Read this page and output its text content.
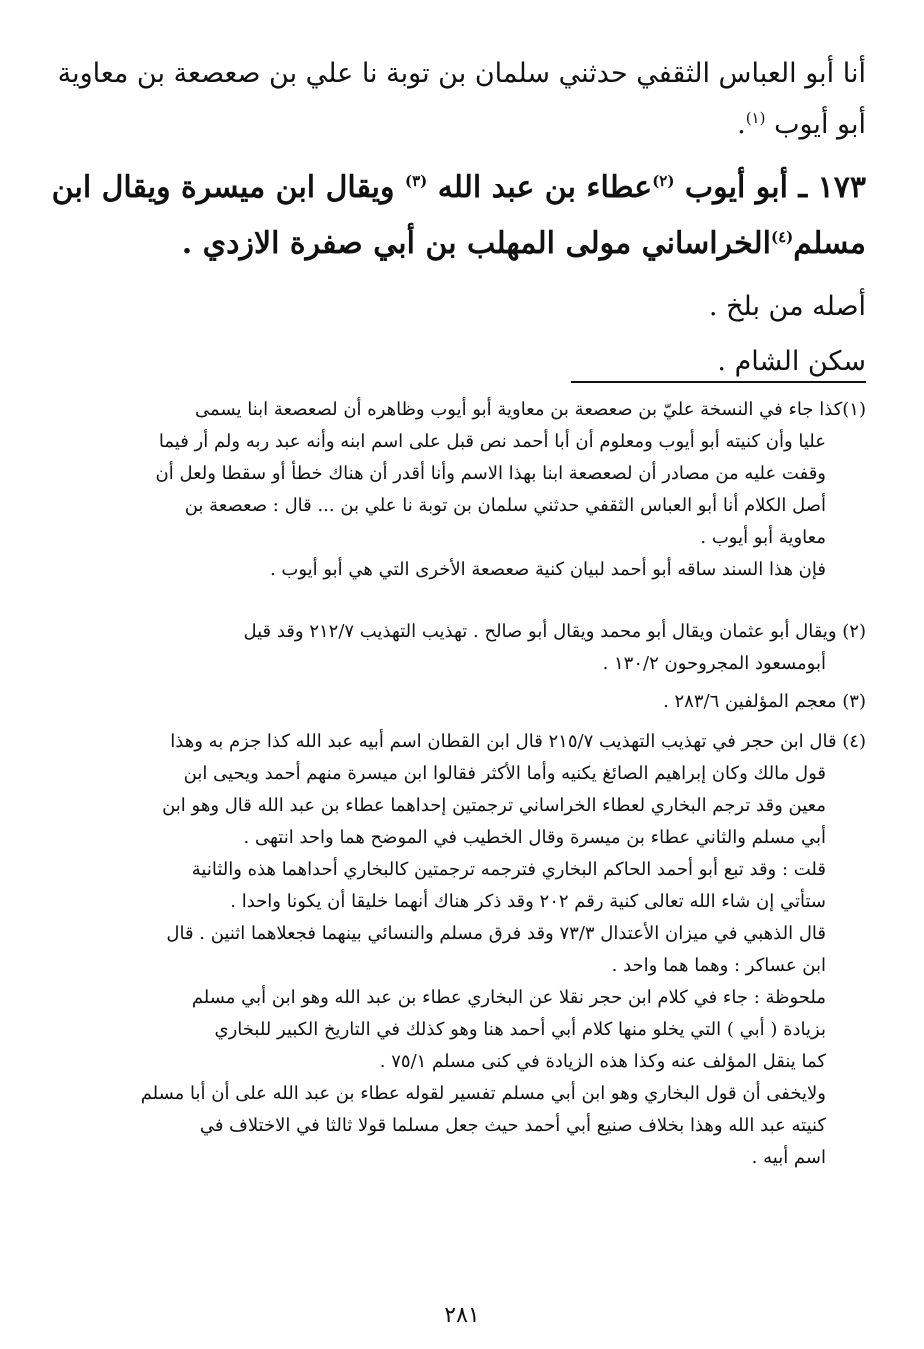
أنا أبو العباس الثقفي حدثني سلمان بن توبة نا علي بن صعصعة بن معاوية
أبو أيوب $^{(١)}$.
١٧٣ ـ أبو أيوب $^{(٢)}$عطاء بن عبد الله $^{(٣)}$ ويقال ابن ميسرة ويقال ابن
مسلم$^{(٤)}$الخراساني مولى المهلب بن أبي صفرة الازدي .
أصله من بلخ .
سكن الشام .
(١)كذا جاء في النسخة عليّ بن صعصعة بن معاوية أبو أيوب وظاهره أن لصعصعة ابنا يسمى
عليا وأن كنيته أبو أيوب ومعلوم أن أبا أحمد نص قبل على اسم ابنه وأنه عبد ربه ولم أر فيما
وقفت عليه من مصادر أن لصعصعة ابنا بهذا الاسم وأنا أقدر أن هناك خطأ أو سقطا ولعل أن
أصل الكلام أنا أبو العباس الثقفي حدثني سلمان بن توبة نا علي بن ... قال : صعصعة بن
معاوية أبو أيوب .
فإن هذا السند ساقه أبو أحمد لبيان كنية صعصعة الأخرى التي هي أبو أيوب .
(٢) ويقال أبو عثمان ويقال أبو محمد ويقال أبو صالح . تهذيب التهذيب ٢١٢/٧ وقد قيل
أبومسعود المجروحون ١٣٠/٢ .
(٣) معجم المؤلفين ٢٨٣/٦ .
(٤) قال ابن حجر في تهذيب التهذيب ٢١٥/٧ قال ابن القطان اسم أبيه عبد الله كذا جزم به وهذا
قول مالك وكان إبراهيم الصائغ يكنيه وأما الأكثر فقالوا ابن ميسرة منهم أحمد ويحيى ابن
معين وقد ترجم البخاري لعطاء الخراساني ترجمتين إحداهما عطاء بن عبد الله قال وهو ابن
أبي مسلم والثاني عطاء بن ميسرة وقال الخطيب في الموضح هما واحد انتهى .
قلت : وقد تبع أبو أحمد الحاكم البخاري فترجمه ترجمتين كالبخاري أحداهما هذه والثانية
ستأتي إن شاء الله تعالى كنية رقم ٢٠٢ وقد ذكر هناك أنهما خليقا أن يكونا واحدا .
قال الذهبي في ميزان الأعتدال ٧٣/٣ وقد فرق مسلم والنسائي بينهما فجعلاهما اثنين . قال
ابن عساكر : وهما هما واحد .
ملحوظة : جاء في كلام ابن حجر نقلا عن البخاري عطاء بن عبد الله وهو ابن أبي مسلم
بزيادة ( أبي ) التي يخلو منها كلام أبي أحمد هنا وهو كذلك في التاريخ الكبير للبخاري
كما ينقل المؤلف عنه وكذا هذه الزيادة في كنى مسلم ٧٥/١ .
ولايخفى أن قول البخاري وهو ابن أبي مسلم تفسير لقوله عطاء بن عبد الله على أن أبا مسلم
كنيته عبد الله وهذا بخلاف صنيع أبي أحمد حيث جعل مسلما قولا ثالثا في الاختلاف في
اسم أبيه .
٢٨١
